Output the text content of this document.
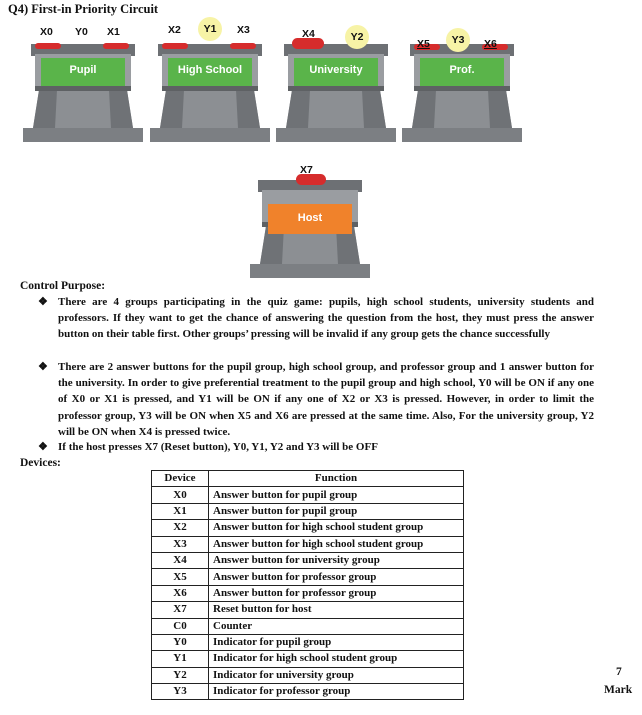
Q4) First-in Priority Circuit
Pupil
X0 Y0 X1
High School
X2	Y1	X3
University
X4	Y2
Prof.
X5	Y3	X6
Host
X7
Control Purpose:
❖ There are 4 groups participating in the quiz game: pupils, high school students, university students and professors. If they want to get the chance of answering the question from the host, they must press the answer button on their table first. Other groups’ pressing will be invalid if any group gets the chance successfully
❖ There are 2 answer buttons for the pupil group, high school group, and professor group and 1 answer button for the university. In order to give preferential treatment to the pupil group and high school, Y0 will be ON if any one of X0 or X1 is pressed, and Y1 will be ON if any one of X2 or X3 is pressed. However, in order to limit the professor group, Y3 will be ON when X5 and X6 are pressed at the same time. Also, For the university group, Y2 will be ON when X4 is pressed twice.
❖ If the host presses X7 (Reset button), Y0, Y1, Y2 and Y3 will be OFF
Devices:
Device	Function
X0	Answer button for pupil group
X1	Answer button for pupil group
X2	Answer button for high school student group
X3	Answer button for high school student group
X4	Answer button for university group
X5	Answer button for professor group
X6	Answer button for professor group
X7	Reset button for host
C0	Counter
Y0	Indicator for pupil group
Y1	Indicator for high school student group
Y2	Indicator for university group
Y3	Indicator for professor group
7
Mark
